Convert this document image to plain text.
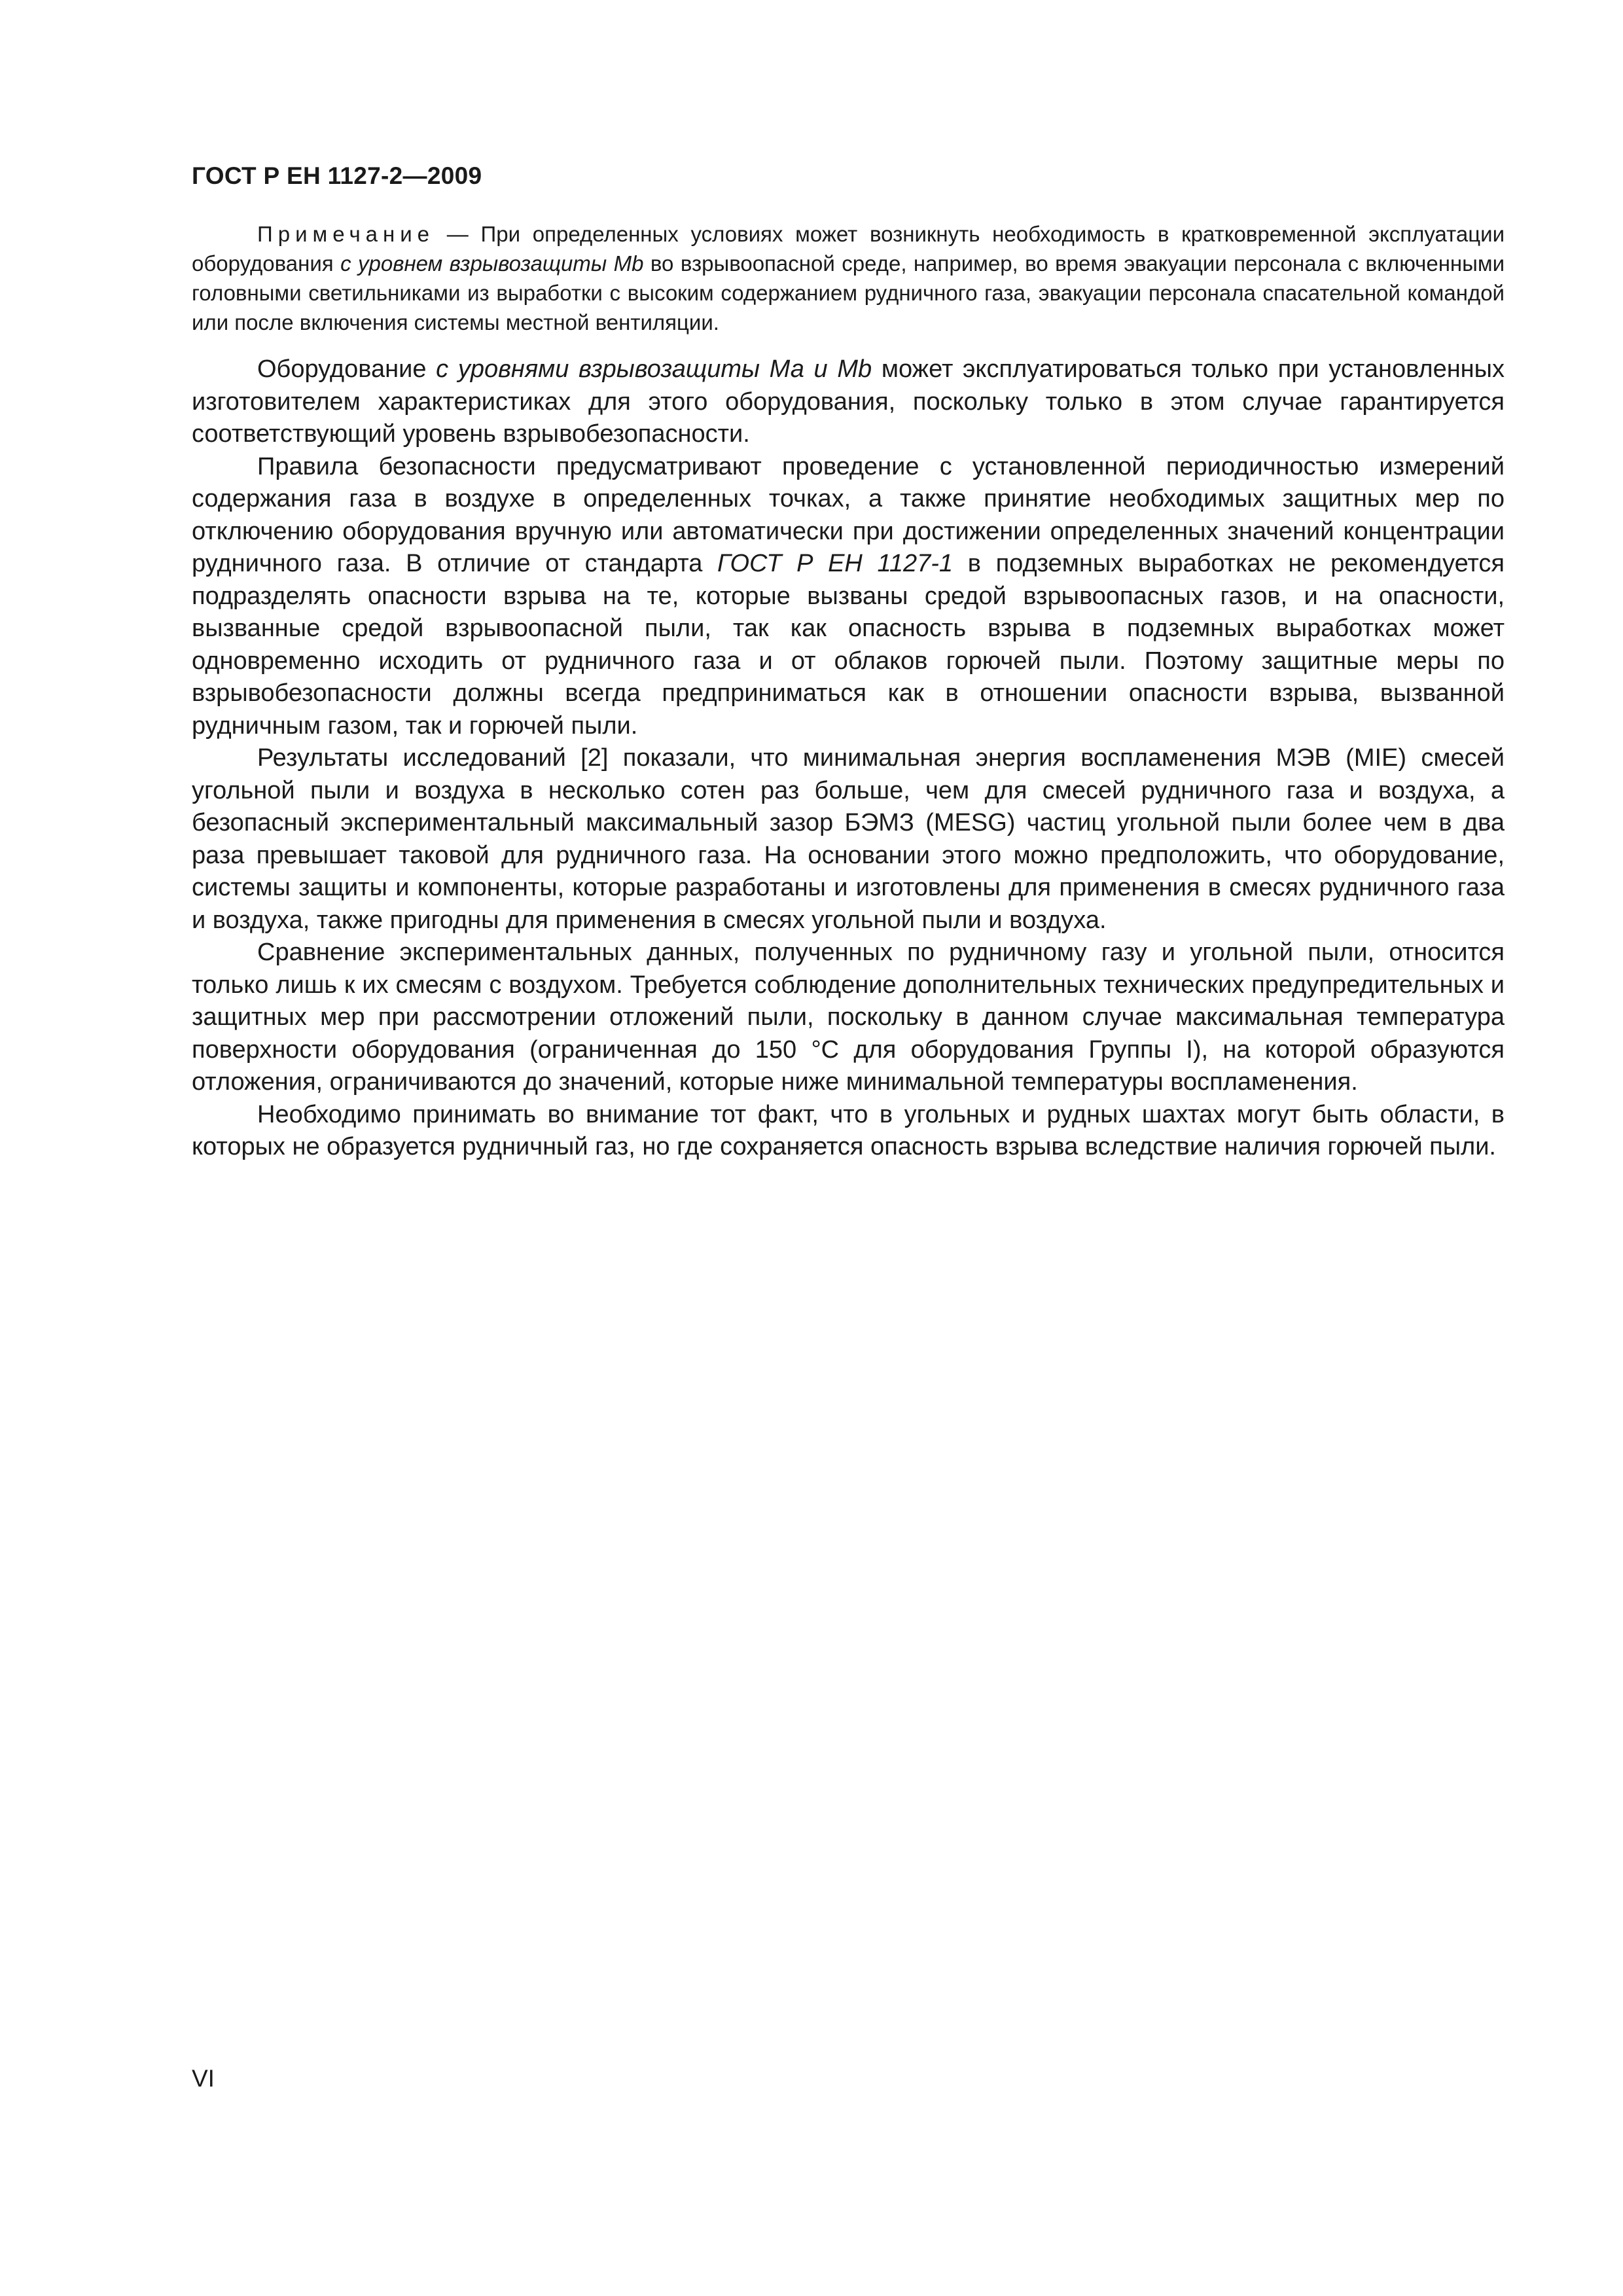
ГОСТ Р ЕН 1127-2—2009

Примечание — При определенных условиях может возникнуть необходимость в кратковременной эксплуатации оборудования с уровнем взрывозащиты Mb во взрывоопасной среде, например, во время эвакуации персонала с включенными головными светильниками из выработки с высоким содержанием рудничного газа, эвакуации персонала спасательной командой или после включения системы местной вентиляции.

Оборудование с уровнями взрывозащиты Ма и Mb может эксплуатироваться только при установленных изготовителем характеристиках для этого оборудования, поскольку только в этом случае гарантируется соответствующий уровень взрывобезопасности.

Правила безопасности предусматривают проведение с установленной периодичностью измерений содержания газа в воздухе в определенных точках, а также принятие необходимых защитных мер по отключению оборудования вручную или автоматически при достижении определенных значений концентрации рудничного газа. В отличие от стандарта ГОСТ Р ЕН 1127-1 в подземных выработках не рекомендуется подразделять опасности взрыва на те, которые вызваны средой взрывоопасных газов, и на опасности, вызванные средой взрывоопасной пыли, так как опасность взрыва в подземных выработках может одновременно исходить от рудничного газа и от облаков горючей пыли. Поэтому защитные меры по взрывобезопасности должны всегда предприниматься как в отношении опасности взрыва, вызванной рудничным газом, так и горючей пыли.

Результаты исследований [2] показали, что минимальная энергия воспламенения МЭВ (MIE) смесей угольной пыли и воздуха в несколько сотен раз больше, чем для смесей рудничного газа и воздуха, а безопасный экспериментальный максимальный зазор БЭМЗ (MESG) частиц угольной пыли более чем в два раза превышает таковой для рудничного газа. На основании этого можно предположить, что оборудование, системы защиты и компоненты, которые разработаны и изготовлены для применения в смесях рудничного газа и воздуха, также пригодны для применения в смесях угольной пыли и воздуха.

Сравнение экспериментальных данных, полученных по рудничному газу и угольной пыли, относится только лишь к их смесям с воздухом. Требуется соблюдение дополнительных технических предупредительных и защитных мер при рассмотрении отложений пыли, поскольку в данном случае максимальная температура поверхности оборудования (ограниченная до 150 °С для оборудования Группы I), на которой образуются отложения, ограничиваются до значений, которые ниже минимальной температуры воспламенения.

Необходимо принимать во внимание тот факт, что в угольных и рудных шахтах могут быть области, в которых не образуется рудничный газ, но где сохраняется опасность взрыва вследствие наличия горючей пыли.

VI
